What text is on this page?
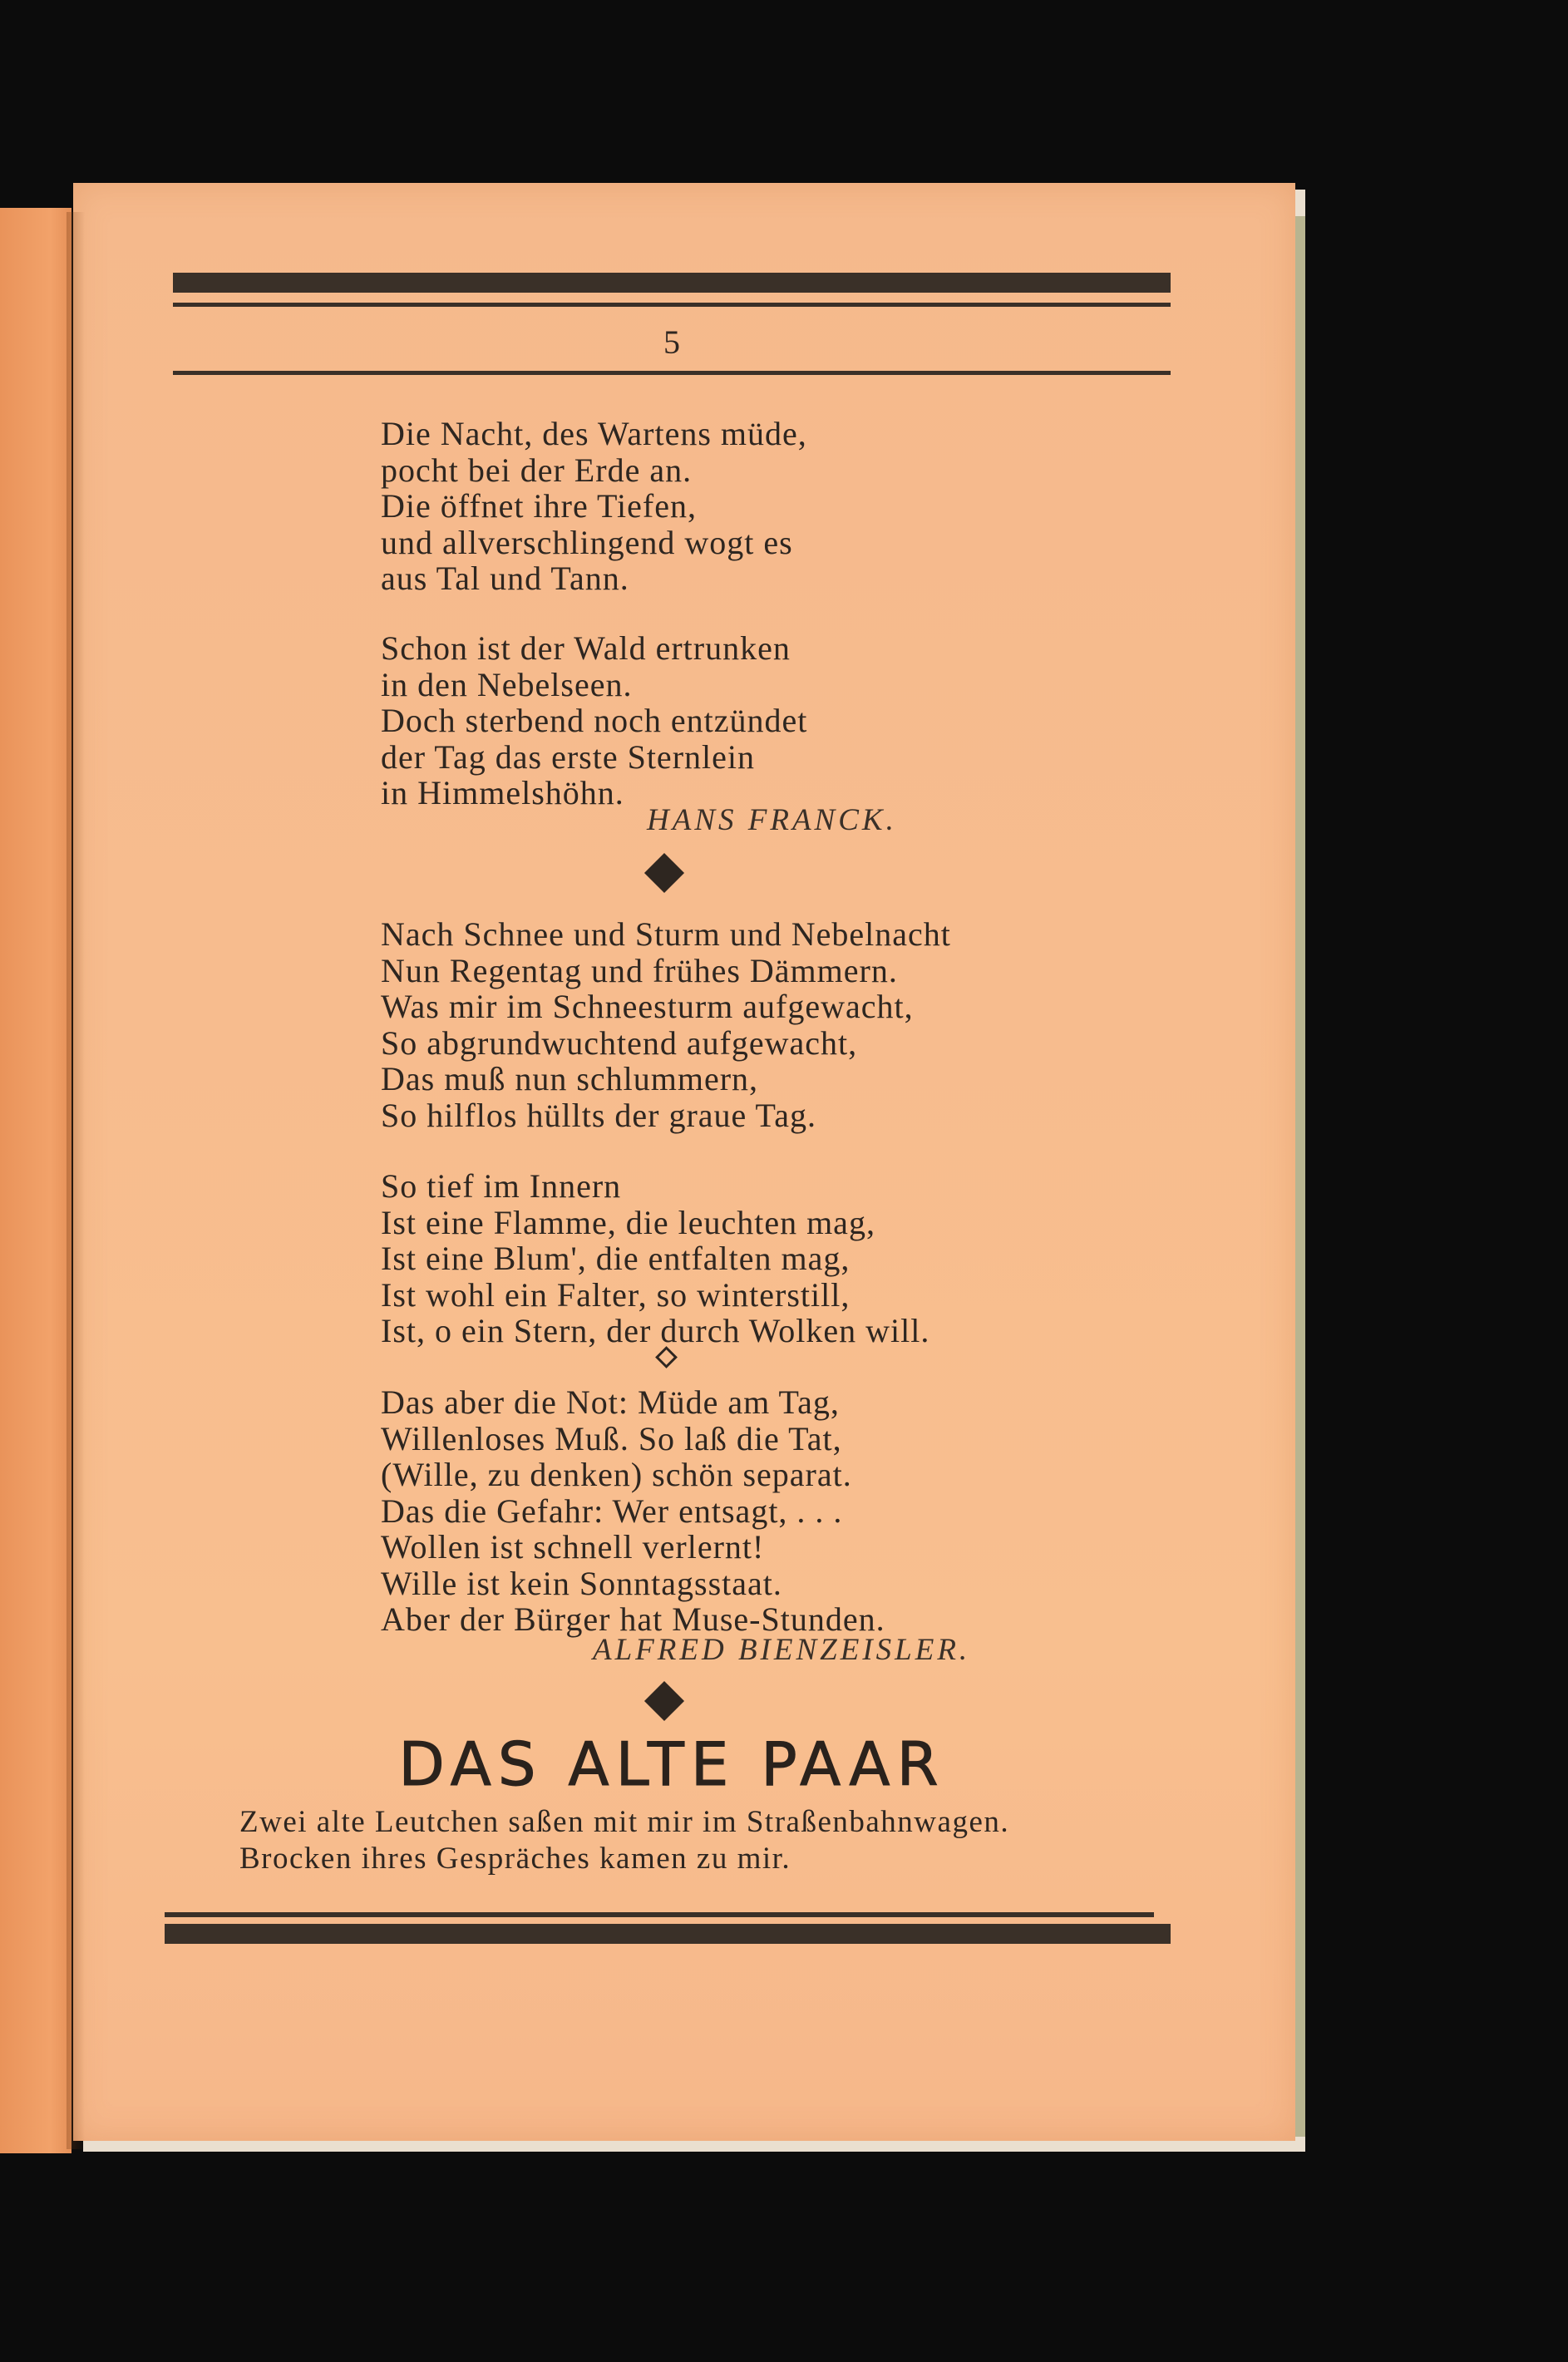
5
Die Nacht, des Wartens müde,
pocht bei der Erde an.
Die öffnet ihre Tiefen,
und allverschlingend wogt es
aus Tal und Tann.
Schon ist der Wald ertrunken
in den Nebelseen.
Doch sterbend noch entzündet
der Tag das erste Sternlein
in Himmelshöhn.
HANS FRANCK.
Nach Schnee und Sturm und Nebelnacht
Nun Regentag und frühes Dämmern.
Was mir im Schneesturm aufgewacht,
So abgrundwuchtend aufgewacht,
Das muß nun schlummern,
So hilflos hüllts der graue Tag.
So tief im Innern
Ist eine Flamme, die leuchten mag,
Ist eine Blum', die entfalten mag,
Ist wohl ein Falter, so winterstill,
Ist, o ein Stern, der durch Wolken will.
Das aber die Not: Müde am Tag,
Willenloses Muß. So laß die Tat,
(Wille, zu denken) schön separat.
Das die Gefahr: Wer entsagt, . . .
Wollen ist schnell verlernt!
Wille ist kein Sonntagsstaat.
Aber der Bürger hat Muse-Stunden.
ALFRED BIENZEISLER.
DAS ALTE PAAR
Zwei alte Leutchen saßen mit mir im Straßenbahnwagen.
Brocken ihres Gespräches kamen zu mir.
